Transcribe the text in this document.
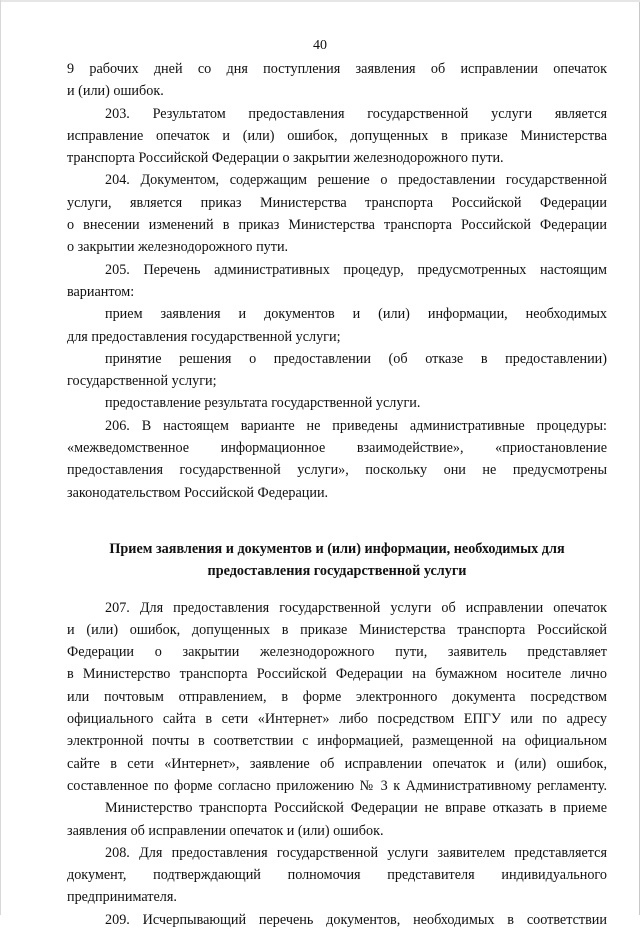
40
9 рабочих дней со дня поступления заявления об исправлении опечаток
и (или) ошибок.
203. Результатом предоставления государственной услуги является
исправление опечаток и (или) ошибок, допущенных в приказе Министерства
транспорта Российской Федерации о закрытии железнодорожного пути.
204. Документом, содержащим решение о предоставлении государственной
услуги, является приказ Министерства транспорта Российской Федерации
о внесении изменений в приказ Министерства транспорта Российской Федерации
о закрытии железнодорожного пути.
205. Перечень административных процедур, предусмотренных настоящим
вариантом:
прием заявления и документов и (или) информации, необходимых
для предоставления государственной услуги;
принятие решения о предоставлении (об отказе в предоставлении)
государственной услуги;
предоставление результата государственной услуги.
206. В настоящем варианте не приведены административные процедуры:
«межведомственное информационное взаимодействие», «приостановление
предоставления государственной услуги», поскольку они не предусмотрены
законодательством Российской Федерации.
Прием заявления и документов и (или) информации, необходимых для
предоставления государственной услуги
207. Для предоставления государственной услуги об исправлении опечаток
и (или) ошибок, допущенных в приказе Министерства транспорта Российской
Федерации о закрытии железнодорожного пути, заявитель представляет
в Министерство транспорта Российской Федерации на бумажном носителе лично
или почтовым отправлением, в форме электронного документа посредством
официального сайта в сети «Интернет» либо посредством ЕПГУ или по адресу
электронной почты в соответствии с информацией, размещенной на официальном
сайте в сети «Интернет», заявление об исправлении опечаток и (или) ошибок,
составленное по форме согласно приложению № 3 к Административному регламенту.
Министерство транспорта Российской Федерации не вправе отказать в приеме
заявления об исправлении опечаток и (или) ошибок.
208. Для предоставления государственной услуги заявителем представляется
документ, подтверждающий полномочия представителя индивидуального
предпринимателя.
209. Исчерпывающий перечень документов, необходимых в соответствии
